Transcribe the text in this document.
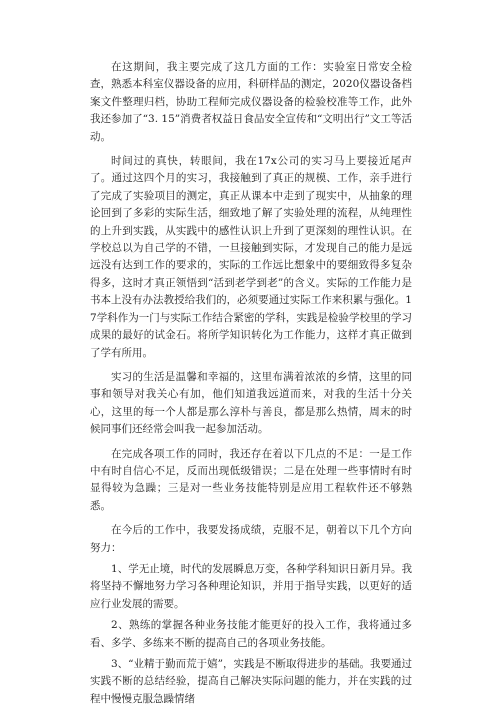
在这期间，我主要完成了这几方面的工作：实验室日常安全检查，熟悉本科室仪器设备的应用，科研样品的测定，2020仪器设备档案文件整理归档，协助工程师完成仪器设备的检验校准等工作，此外我还参加了“3. 15”消费者权益日食品安全宣传和“文明出行”文工等活动。

时间过的真快，转眼间，我在17x公司的实习马上要接近尾声了。通过这四个月的实习，我接触到了真正的规模、工作，亲手进行了完成了实验项目的测定，真正从课本中走到了现实中，从抽象的理论回到了多彩的实际生活，细致地了解了实验处理的流程，从纯理性的上升到实践，从实践中的感性认识上升到了更深刻的理性认识。在学校总以为自己学的不错，一旦接触到实际，才发现自己的能力是远远没有达到工作的要求的，实际的工作远比想象中的要细致得多复杂得多，这时才真正领悟到“活到老学到老”的含义。实际的工作能力是书本上没有办法教授给我们的，必须要通过实际工作来积累与强化。17学科作为一门与实际工作结合紧密的学科，实践是检验学校里的学习成果的最好的试金石。将所学知识转化为工作能力，这样才真正做到了学有所用。

实习的生活是温馨和幸福的，这里布满着浓浓的乡情，这里的同事和领导对我关心有加，他们知道我远道而来，对我的生活十分关心，这里的每一个人都是那么淳朴与善良，都是那么热情，周末的时候同事们还经常会叫我一起参加活动。

在完成各项工作的同时，我还存在着以下几点的不足：一是工作中有时自信心不足，反而出现低级错误；二是在处理一些事情时有时显得较为急躁；三是对一些业务技能特别是应用工程软件还不够熟悉。

在今后的工作中，我要发扬成绩，克服不足，朝着以下几个方向努力：

1、学无止境，时代的发展瞬息万变，各种学科知识日新月异。我将坚持不懈地努力学习各种理论知识，并用于指导实践，以更好的适应行业发展的需要。

2、熟练的掌握各种业务技能才能更好的投入工作，我将通过多看、多学、多练来不断的提高自己的各项业务技能。

3、“业精于勤而荒于嬉”，实践是不断取得进步的基础。我要通过实践不断的总结经验，提高自己解决实际问题的能力，并在实践的过程中慢慢克服急躁情绪
